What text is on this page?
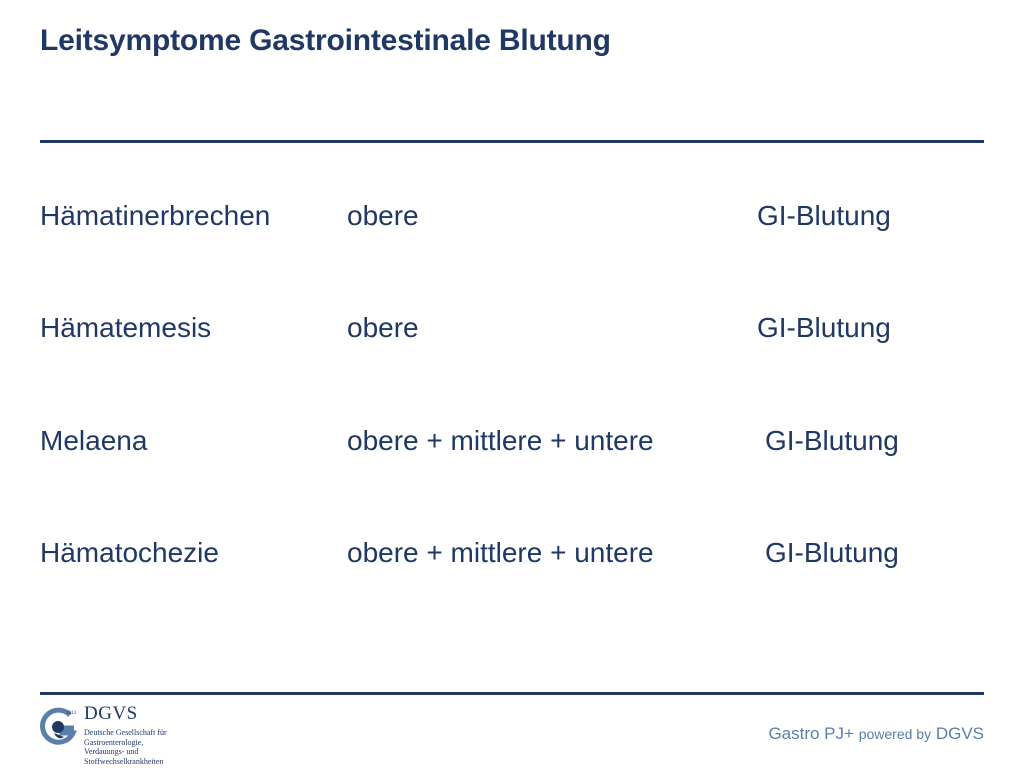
Leitsymptome Gastrointestinale Blutung
Hämatinerbrechen	obere	GI-Blutung
Hämatemesis	obere	GI-Blutung
Melaena	obere + mittlere + untere	GI-Blutung
Hämatochezie	obere + mittlere + untere	GI-Blutung
1913 DGVS
Deutsche Gesellschaft für
Gastroenterologie,
Verdauungs- und
Stoffwechselkrankheiten
Gastro PJ+ powered by DGVS
